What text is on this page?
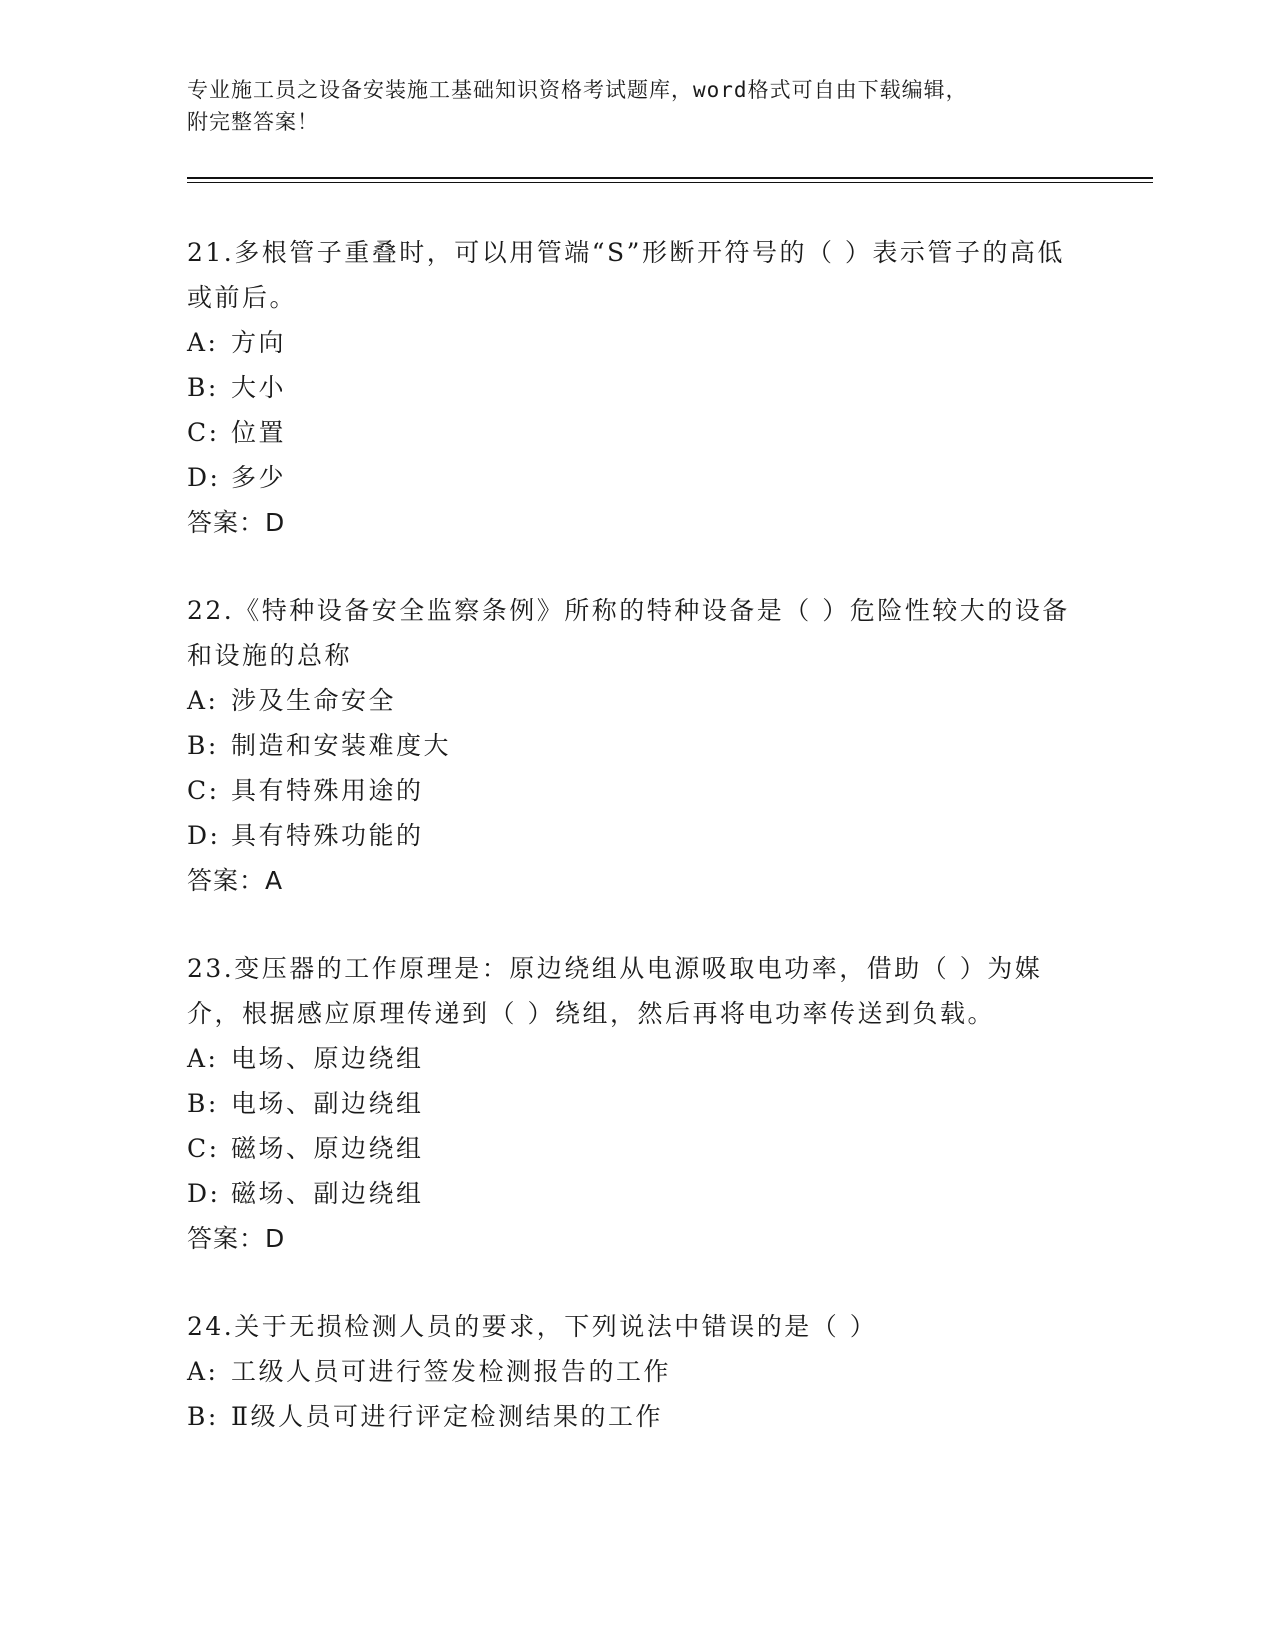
专业施工员之设备安装施工基础知识资格考试题库，word格式可自由下载编辑，
附完整答案！

21.多根管子重叠时，可以用管端“S”形断开符号的（ ）表示管子的高低或前后。

A: 方向
B: 大小
C: 位置
D: 多少

答案：D

22.《特种设备安全监察条例》所称的特种设备是（ ）危险性较大的设备和设施的总称

A: 涉及生命安全
B: 制造和安装难度大
C: 具有特殊用途的
D: 具有特殊功能的

答案：A

23.变压器的工作原理是：原边绕组从电源吸取电功率，借助（ ）为媒介，根据感应原理传递到（ ）绕组，然后再将电功率传送到负载。

A: 电场、原边绕组
B: 电场、副边绕组
C: 磁场、原边绕组
D: 磁场、副边绕组

答案：D

24.关于无损检测人员的要求，下列说法中错误的是（ ）

A: 工级人员可进行签发检测报告的工作
B: Ⅱ级人员可进行评定检测结果的工作
